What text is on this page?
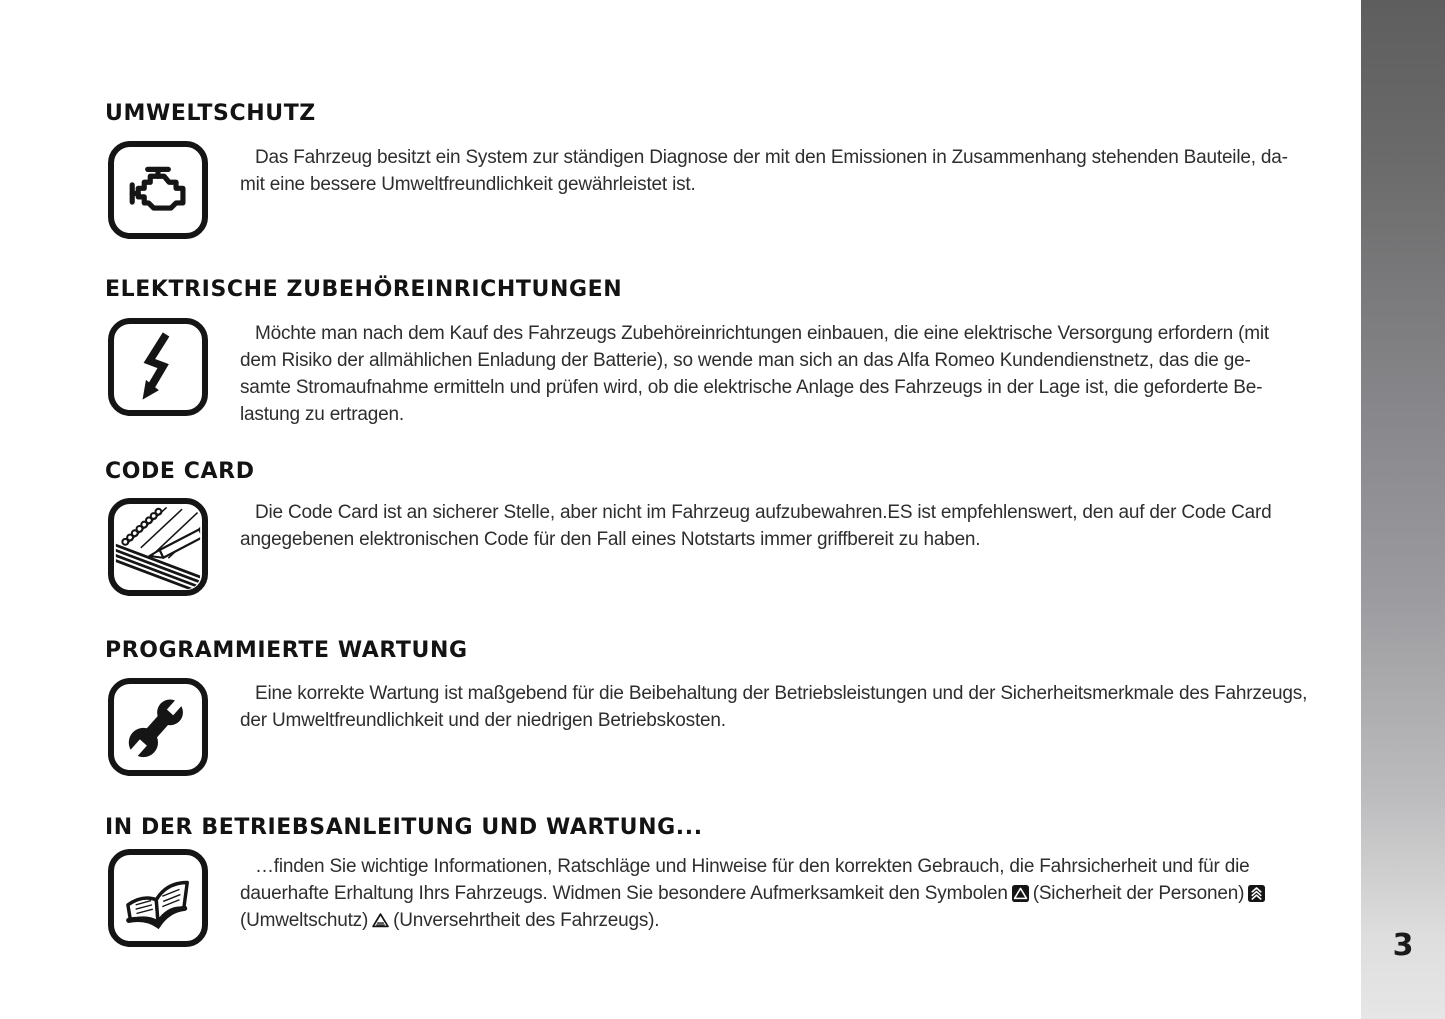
UMWELTSCHUTZ
Das Fahrzeug besitzt ein System zur ständigen Diagnose der mit den Emissionen in Zusammenhang stehenden Bauteile, da-
mit eine bessere Umweltfreundlichkeit gewährleistet ist.
ELEKTRISCHE ZUBEHÖREINRICHTUNGEN
Möchte man nach dem Kauf des Fahrzeugs Zubehöreinrichtungen einbauen, die eine elektrische Versorgung erfordern (mit
dem Risiko der allmählichen Enladung der Batterie), so wende man sich an das Alfa Romeo Kundendienstnetz, das die ge-
samte Stromaufnahme ermitteln und prüfen wird, ob die elektrische Anlage des Fahrzeugs in der Lage ist, die geforderte Be-
lastung zu ertragen.
CODE CARD
Die Code Card ist an sicherer Stelle, aber nicht im Fahrzeug aufzubewahren.ES ist empfehlenswert, den auf der Code Card
angegebenen elektronischen Code für den Fall eines Notstarts immer griffbereit zu haben.
PROGRAMMIERTE WARTUNG
Eine korrekte Wartung ist maßgebend für die Beibehaltung der Betriebsleistungen und der Sicherheitsmerkmale des Fahrzeugs,
der Umweltfreundlichkeit und der niedrigen Betriebskosten.
IN DER BETRIEBSANLEITUNG UND WARTUNG...
…finden Sie wichtige Informationen, Ratschläge und Hinweise für den korrekten Gebrauch, die Fahrsicherheit und für die
dauerhafte Erhaltung Ihrs Fahrzeugs. Widmen Sie besondere Aufmerksamkeit den Symbolen (Sicherheit der Personen)
(Umweltschutz) (Unversehrtheit des Fahrzeugs).
3
